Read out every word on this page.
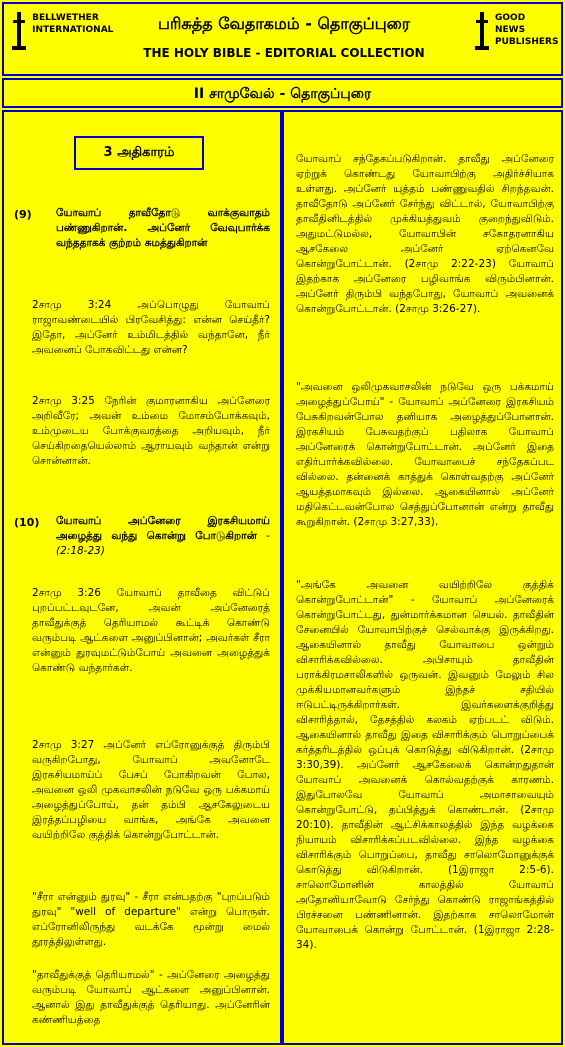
BELLWETHER INTERNATIONAL	பரிசுத்த வேதாகமம் - தொகுப்புரை
THE HOLY BIBLE - EDITORIAL COLLECTION
GOOD NEWS PUBLISHERS
II சாமுவேல் - தொகுப்புரை
3 அதிகாரம்
(9) யோவாப் தாவீதோடு வாக்குவாதம் பண்ணுகிறான். அப்னேர் வேவுபார்க்க வந்ததாகக் குற்றம் சுமத்துகிறான்
2சாமு 3:24 அப்பொழுது யோவாப் ராஜாவண்டையில் பிரவேசித்து: என்ன செய்தீர்? இதோ, அப்னேர் உம்மிடத்தில் வந்தானே, நீர் அவனைப் போகவிட்டது என்ன?
2சாமு 3:25 நேரின் குமாரனாகிய அப்னேரை அறிவீரே; அவன் உம்மை மோசம்போக்கவும், உம்முடைய போக்குவரத்தை அறியவும், நீர் செய்கிறதையெல்லாம் ஆராயவும் வந்தான் என்று சொன்னான்.
(10) யோவாப் அப்னேரை இரகசியமாய் அழைத்து வந்து கொன்று போடுகிறான் - (2:18-23)
2சாமு 3:26 யோவாப் தாவீதை விட்டுப் புறப்பட்டவுடனே, அவன் அப்னேரைத் தாவீதுக்குத் தெரியாமல் கூட்டிக் கொண்டு வரும்படி ஆட்களை அனுப்பினான்; அவர்கள் சீரா என்னும் துரவுமட்டும்போய் அவனை அழைத்துக் கொண்டு வந்தார்கள்.
2சாமு 3:27 அப்னேர் எப்ரோனுக்குத் திரும்பி வருகிறபோது, யோவாப் அவனோடே இரகசியமாய்ப் பேசப் போகிறவன் போல, அவனை ஒலி முகவாசலின் நடுவே ஒரு பக்கமாய் அழைத்துப்போய், தன் தம்பி ஆசகேலுடைய இரத்தப்பழியை வாங்க, அங்கே அவனை வயிற்றிலே குத்திக் கொன்றுபோட்டான்.
"சீரா என்னும் துரவு" - சீரா என்பதற்கு "புறப்படும் துரவு" "well of departure" என்று பொருள். எப்ரோனிலிருந்து வடக்கே மூன்று மைல் தூரத்திலுள்ளது.
"தாவீதுக்குத் தெரியாமல்" - அப்னேரை அழைத்து வரும்படி யோவாப் ஆட்களை அனுப்பினான். ஆனால் இது தாவீதுக்குத் தெரியாது. அப்னேரின் கண்ணியத்தை
யோவாப் சந்தேகப்படுகிறான். தாவீது அப்னேரை ஏற்றுக் கொண்டது யோவாபிற்கு அதிர்ச்சியாக உள்ளது. அப்னேர் யுத்தம் பண்ணுவதில் சிறந்தவன். தாவீதோடு அப்னேர் சேர்ந்து விட்டால், யோவாபிற்கு தாவீதினிடத்தில் முக்கியத்துவம் குறைந்துவிடும். அதுமட்டுமல்ல, யோவாபின் சகோதரனாகிய ஆசகேலை அப்னேர் ஏற்கெனவே கொன்றுபோட்டான். (2சாமு 2:22-23) யோவாப் இதற்காக அப்னேரை பழிவாங்க விரும்பினான். அப்னேர் திரும்பி வந்தபோது, யோவாப் அவனைக் கொன்றுபோட்டான். (2சாமு 3:26-27).
"அவனை ஒலிமுகவாசலின் நடுவே ஒரு பக்கமாய் அழைத்துப்போய்" - யோவாப் அப்னேரை இரகசியம் பேசுகிறவன்போல தனியாக அழைத்துப்போனான். இரகசியம் பேசுவதற்குப் பதிலாக யோவாப் அப்னேரைக் கொன்றுபோட்டான். அப்னேர் இதை எதிர்பார்க்கவில்லை. யோவாபைச் சந்தேகப்பட வில்லை. தன்னைக் காத்துக் கொள்வதற்கு அப்னேர் ஆயத்தமாகவும் இல்லை. ஆகையினால் அப்னேர் மதிகெட்டவன்போல செத்துப்போனான் என்று தாவீது கூறுகிறான். (2சாமு 3:27,33).
"அங்கே அவனை வயிற்றிலே குத்திக் கொன்றுபோட்டான்" - யோவாப் அப்னேரைக் கொன்றுபோட்டது, துன்மார்க்கமான செயல். தாவீதின் சேனையில் யோவாபிற்குச் செல்வாக்கு இருக்கிறது. ஆகையினால் தாவீது யோவாபை ஒன்றும் விசாரிக்கவில்லை. அபிசாயும் தாவீதின் பராக்கிரமசாலிகளில் ஒருவன். இவனும் மேலும் சில முக்கியமானவர்களும் இந்தச் சதியில் ஈடுபட்டிருக்கிறார்கள். இவர்களைக்குறித்து விசாரித்தால், தேசத்தில் கலகம் ஏற்படட் விடும். ஆகையினால் தாவீது இதை விசாரிக்கும் பொறுப்பைக் கர்த்தரிடத்தில் ஒப்புக் கொடுத்து விடுகிறான். (2சாமு 3:30,39). அப்னேர் ஆசகேலைக் கொன்றதுதான் யோவாப் அவனைக் கொல்வதற்குக் காரணம். இதுபோலவே யோவாப் அமாசாவையும் கொன்றுபோட்டு, தப்பித்துக் கொண்டான். (2சாமு 20:10). தாவீதின் ஆட்சிக்காலத்தில் இந்த வழக்கை நியாயம் விசாரிக்கப்படவில்லை. இந்த வழக்கை விசாரிக்கும் பொறுப்பை, தாவீது சாலொமோனுக்குக் கொடுத்து விடுகிறான். (1இராஜா 2:5-6). சாலொமோனின் காலத்தில் யோவாப் அதோனியாவோடு சேர்ந்து கொண்டு ராஜாங்கத்தில் பிரச்சனை பண்ணினான். இதற்காக சாலொமோன் யோவாபைக் கொன்று போட்டான். (1இராஜா 2:28-34).
